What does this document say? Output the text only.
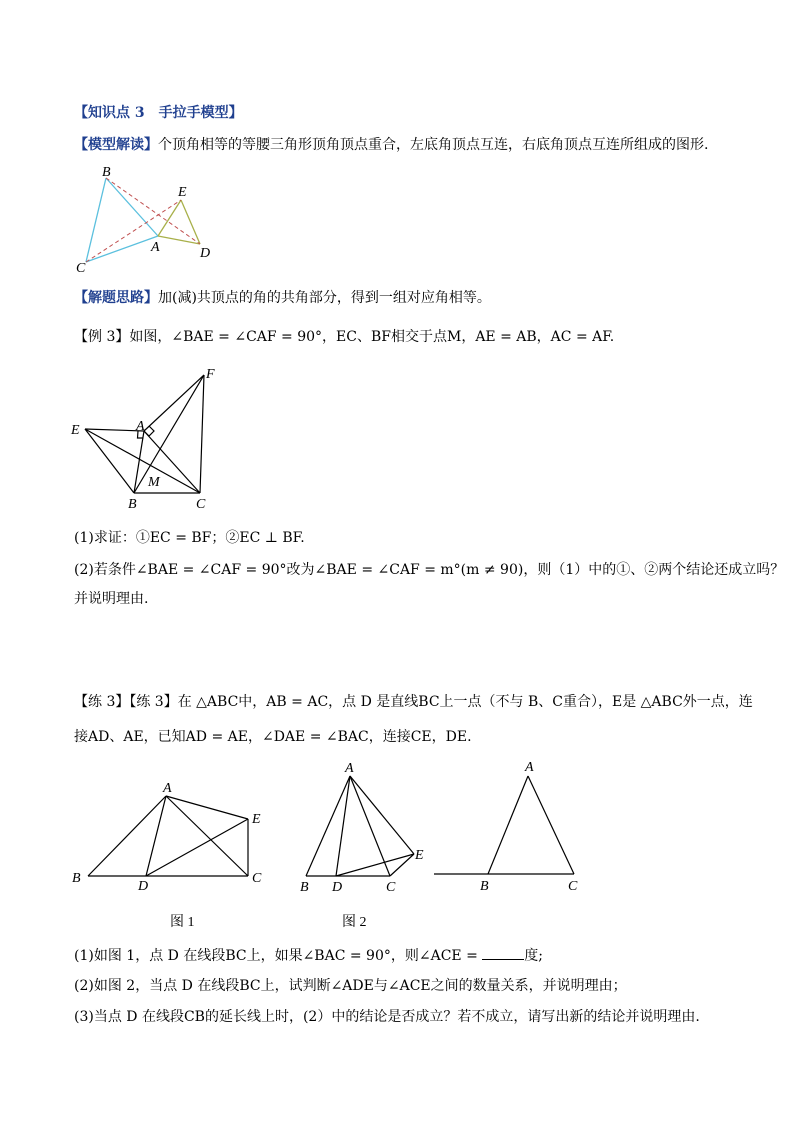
【知识点 3　手拉手模型】
【模型解读】个顶角相等的等腰三角形顶角顶点重合，左底角顶点互连，右底角顶点互连所组成的图形.
B
E
A	D
C
【解题思路】加(减)共顶点的角的共角部分，得到一组对应角相等。
【例 3】如图，∠BAE = ∠CAF = 90°，EC、BF相交于点M，AE = AB，AC = AF.
F
E	A
M
B	C
(1)求证：①EC = BF；②EC ⊥ BF.
(2)若条件∠BAE = ∠CAF = 90°改为∠BAE = ∠CAF = m°(m ≠ 90)，则（1）中的①、②两个结论还成立吗？
并说明理由.
【练 3】【练 3】在 △ABC中，AB = AC，点 D 是直线BC上一点（不与 B、C重合），E是 △ABC外一点，连
接AD、AE，已知AD = AE，∠DAE = ∠BAC，连接CE，DE.
A
E
B
D
C
A
E
B D	C
A
B	C
图 1	图 2
(1)如图 1，点 D 在线段BC上，如果∠BAC = 90°，则∠ACE =	度;
(2)如图 2，当点 D 在线段BC上，试判断∠ADE与∠ACE之间的数量关系，并说明理由；
(3)当点 D 在线段CB的延长线上时，(2）中的结论是否成立？若不成立，请写出新的结论并说明理由.
